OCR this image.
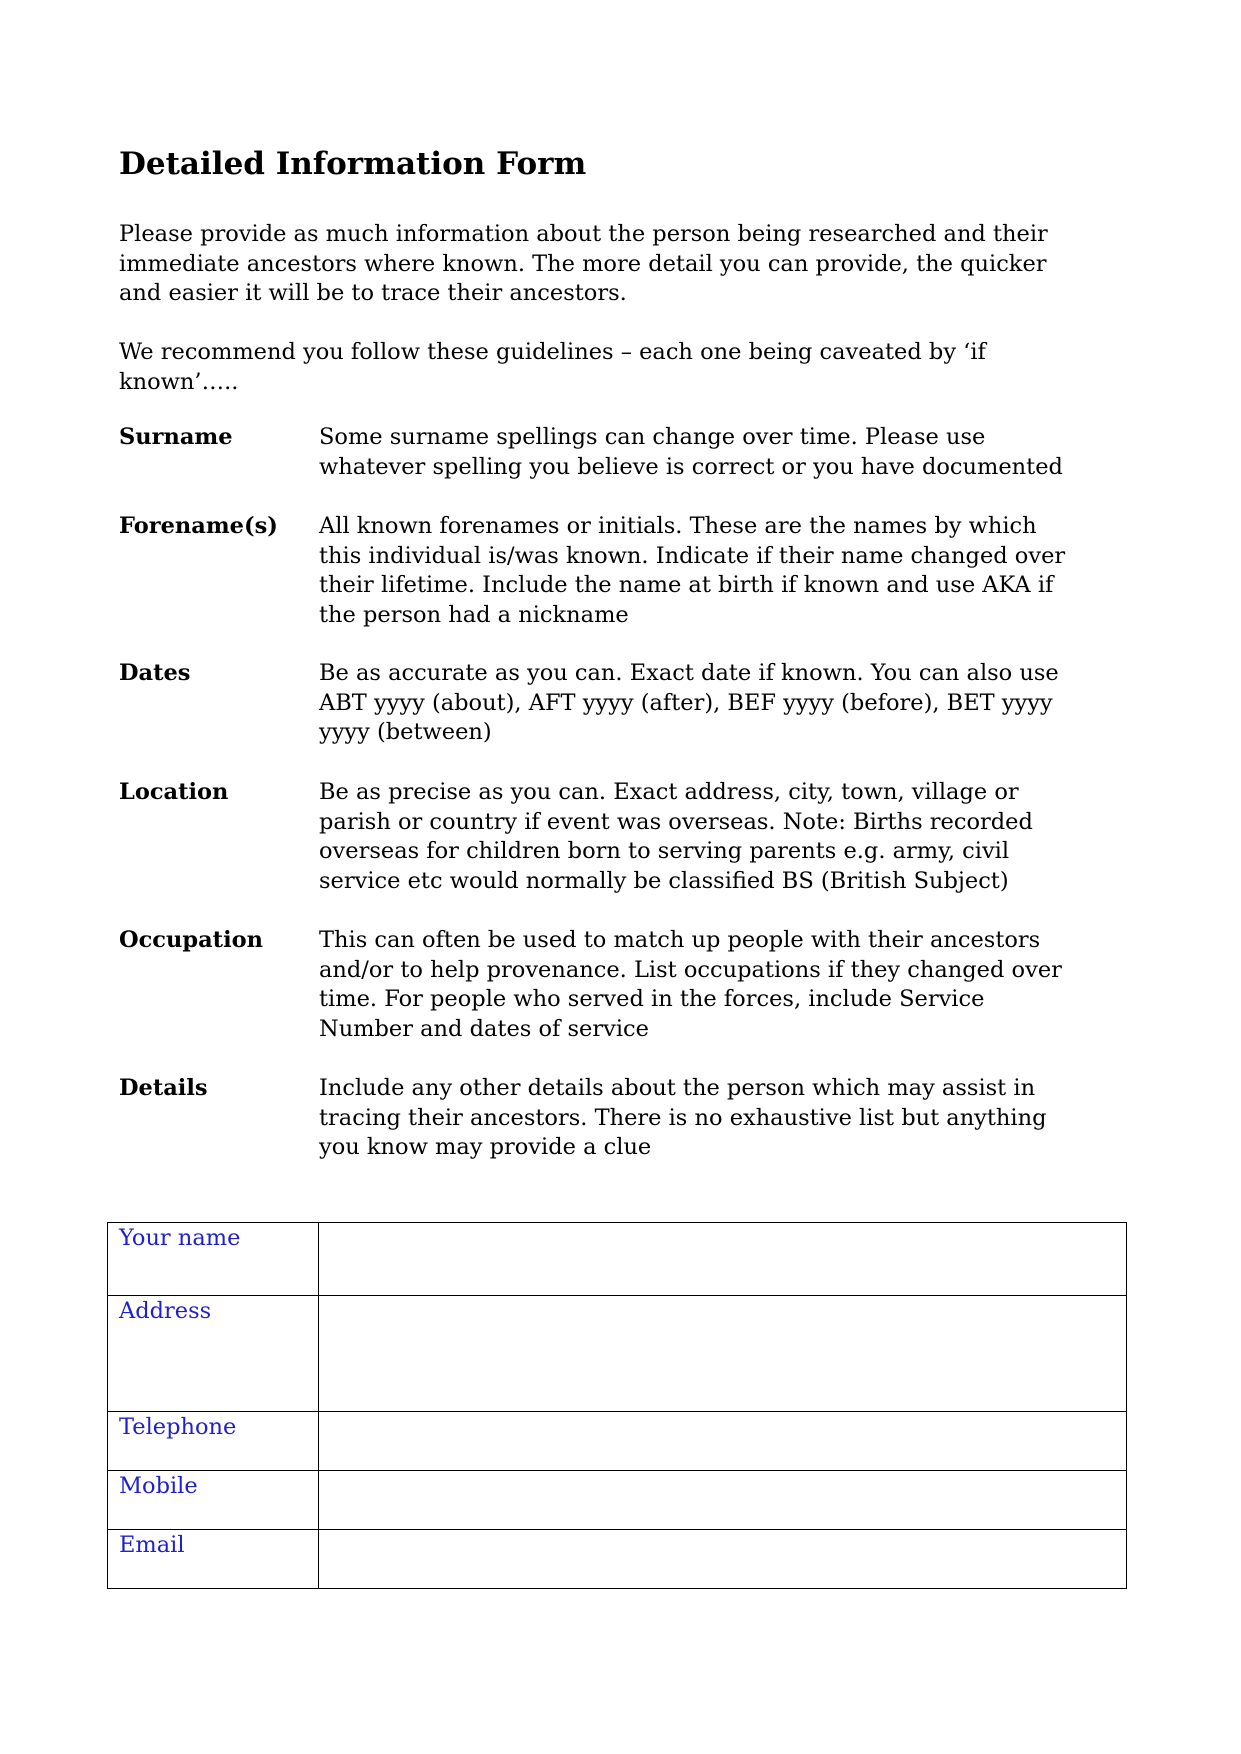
Detailed Information Form

Please provide as much information about the person being researched and their
immediate ancestors where known. The more detail you can provide, the quicker
and easier it will be to trace their ancestors.

We recommend you follow these guidelines – each one being caveated by ‘if
known’…..

Surname	Some surname spellings can change over time. Please use
whatever spelling you believe is correct or you have documented
Forename(s) All known forenames or initials. These are the names by which
this individual is/was known. Indicate if their name changed over
their lifetime. Include the name at birth if known and use AKA if
the person had a nickname
Dates	Be as accurate as you can. Exact date if known. You can also use
ABT yyyy (about), AFT yyyy (after), BEF yyyy (before), BET yyyy
yyyy (between)
Location	Be as precise as you can. Exact address, city, town, village or
parish or country if event was overseas. Note: Births recorded
overseas for children born to serving parents e.g. army, civil
service etc would normally be classified BS (British Subject)
Occupation This can often be used to match up people with their ancestors
and/or to help provenance. List occupations if they changed over
time. For people who served in the forces, include Service
Number and dates of service
Details	Include any other details about the person which may assist in
tracing their ancestors. There is no exhaustive list but anything
you know may provide a clue
Your name	
Address	
Telephone	
Mobile	
Email	
